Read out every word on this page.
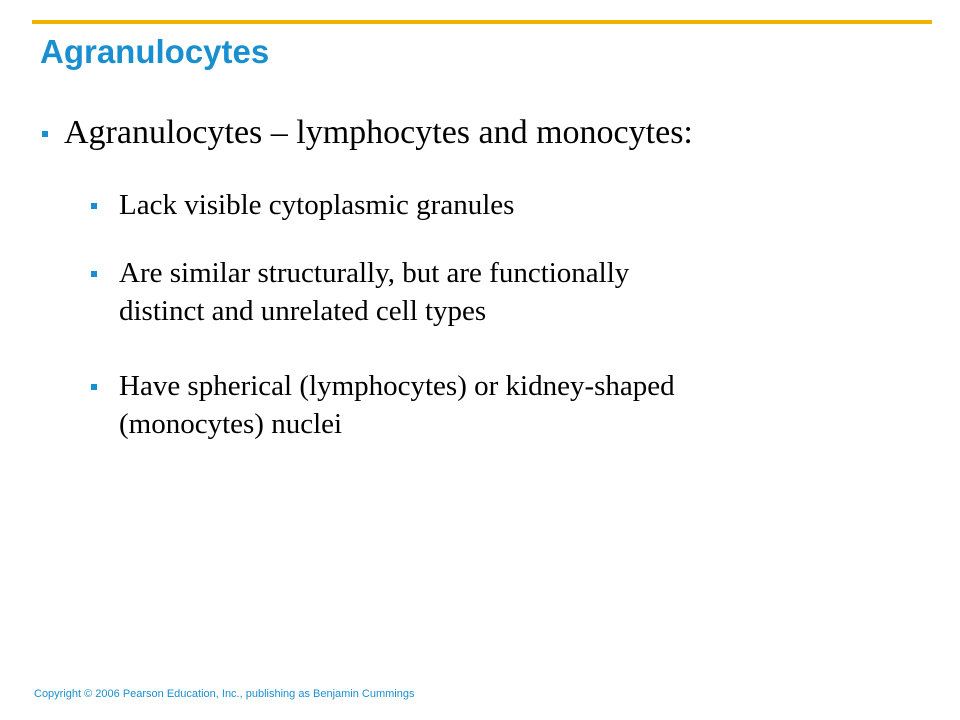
Agranulocytes
Agranulocytes – lymphocytes and monocytes:
Lack visible cytoplasmic granules
Are similar structurally, but are functionally
distinct and unrelated cell types
Have spherical (lymphocytes) or kidney-shaped
(monocytes) nuclei
Copyright © 2006 Pearson Education, Inc., publishing as Benjamin Cummings
